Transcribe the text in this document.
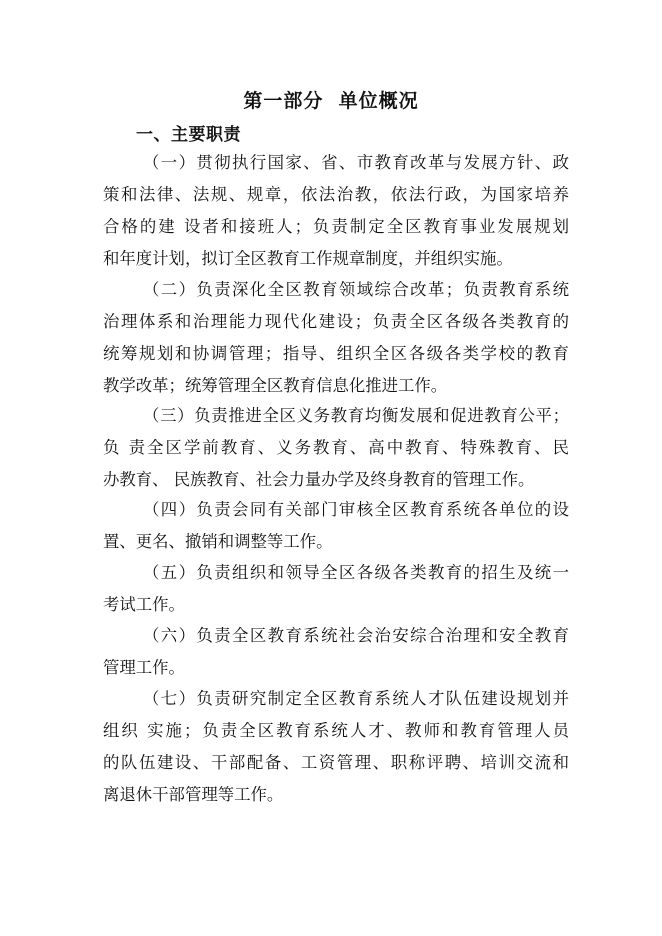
第一部分  单位概况
一、主要职责
（一）贯彻执行国家、省、市教育改革与发展方针、政
策和法律、法规、规章，依法治教，依法行政，为国家培养
合格的建 设者和接班人；负责制定全区教育事业发展规划
和年度计划，拟订全区教育工作规章制度，并组织实施。
（二）负责深化全区教育领域综合改革；负责教育系统
治理体系和治理能力现代化建设；负责全区各级各类教育的
统筹规划和协调管理；指导、组织全区各级各类学校的教育
教学改革；统筹管理全区教育信息化推进工作。
（三）负责推进全区义务教育均衡发展和促进教育公平；
负 责全区学前教育、义务教育、高中教育、特殊教育、民
办教育、 民族教育、社会力量办学及终身教育的管理工作。
（四）负责会同有关部门审核全区教育系统各单位的设
置、更名、撤销和调整等工作。
（五）负责组织和领导全区各级各类教育的招生及统一
考试工作。
（六）负责全区教育系统社会治安综合治理和安全教育
管理工作。
（七）负责研究制定全区教育系统人才队伍建设规划并
组织 实施；负责全区教育系统人才、教师和教育管理人员
的队伍建设、干部配备、工资管理、职称评聘、培训交流和
离退休干部管理等工作。
